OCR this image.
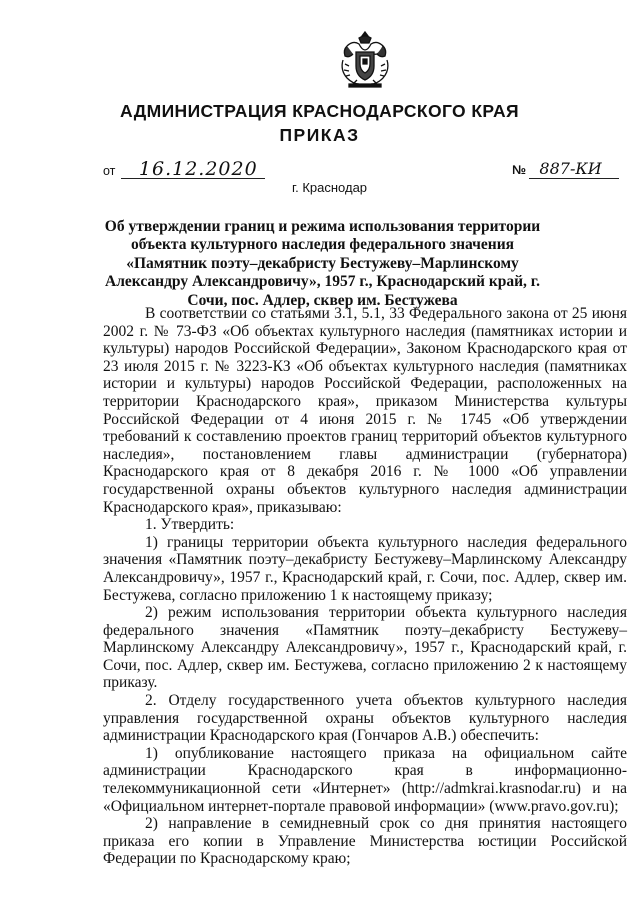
АДМИНИСТРАЦИЯ КРАСНОДАРСКОГО КРАЯ
ПРИКАЗ
от 16.12.2020	№ 887-КИ
г. Краснодар
Об утверждении границ и режима использования территории объекта культурного наследия федерального значения «Памятник поэту–декабристу Бестужеву–Марлинскому Александру Александровичу», 1957 г., Краснодарский край, г. Сочи, пос. Адлер, сквер им. Бестужева

В соответствии со статьями 3.1, 5.1, 33 Федерального закона от 25 июня 2002 г. № 73-ФЗ «Об объектах культурного наследия (памятниках истории и культуры) народов Российской Федерации», Законом Краснодарского края от 23 июля 2015 г. № 3223-КЗ «Об объектах культурного наследия (памятниках истории и культуры) народов Российской Федерации, расположенных на территории Краснодарского края», приказом Министерства культуры Российской Федерации от 4 июня 2015 г. № 1745 «Об утверждении требований к составлению проектов границ территорий объектов культурного наследия», постановлением главы администрации (губернатора) Краснодарского края от 8 декабря 2016 г. № 1000 «Об управлении государственной охраны объектов культурного наследия администрации Краснодарского края», приказываю:

1. Утвердить:

1) границы территории объекта культурного наследия федерального значения «Памятник поэту–декабристу Бестужеву–Марлинскому Александру Александровичу», 1957 г., Краснодарский край, г. Сочи, пос. Адлер, сквер им. Бестужева, согласно приложению 1 к настоящему приказу;

2) режим использования территории объекта культурного наследия федерального значения «Памятник поэту–декабристу Бестужеву–Марлинскому Александру Александровичу», 1957 г., Краснодарский край, г. Сочи, пос. Адлер, сквер им. Бестужева, согласно приложению 2 к настоящему приказу.

2. Отделу государственного учета объектов культурного наследия управления государственной охраны объектов культурного наследия администрации Краснодарского края (Гончаров А.В.) обеспечить:

1) опубликование настоящего приказа на официальном сайте администрации Краснодарского края в информационно-телекоммуникационной сети «Интернет» (http://admkrai.krasnodar.ru) и на «Официальном интернет-портале правовой информации» (www.pravo.gov.ru);

2) направление в семидневный срок со дня принятия настоящего приказа его копии в Управление Министерства юстиции Российской Федерации по Краснодарскому краю;
